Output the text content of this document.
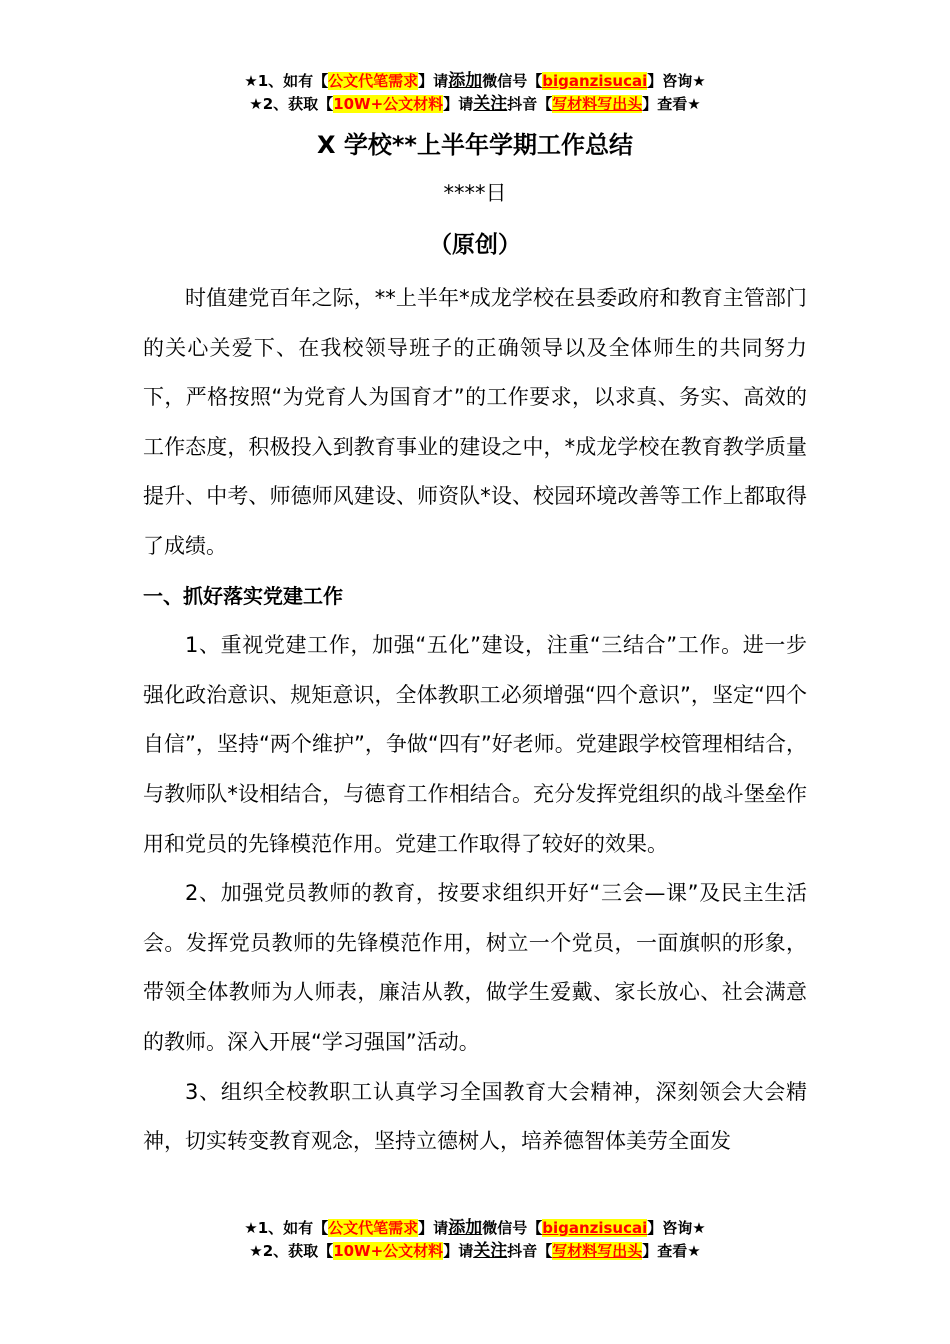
★1、如有【公文代笔需求】请添加微信号【biganzisucai】咨询★
★2、获取【10W+公文材料】请关注抖音【写材料写出头】查看★
X 学校**上半年学期工作总结
****日
（原创）

时值建党百年之际，**上半年*成龙学校在县委政府和教育主管部门的关心关爱下、在我校领导班子的正确领导以及全体师生的共同努力下，严格按照“为党育人为国育才”的工作要求，以求真、务实、高效的工作态度，积极投入到教育事业的建设之中，*成龙学校在教育教学质量提升、中考、师德师风建设、师资队*设、校园环境改善等工作上都取得了成绩。

一、抓好落实党建工作

1、重视党建工作，加强“五化”建设，注重“三结合”工作。进一步强化政治意识、规矩意识，全体教职工必须增强“四个意识”，坚定“四个自信”，坚持“两个维护”，争做“四有”好老师。党建跟学校管理相结合，与教师队*设相结合，与德育工作相结合。充分发挥党组织的战斗堡垒作用和党员的先锋模范作用。党建工作取得了较好的效果。

2、加强党员教师的教育，按要求组织开好“三会—课”及民主生活会。发挥党员教师的先锋模范作用，树立一个党员，一面旗帜的形象，带领全体教师为人师表，廉洁从教，做学生爱戴、家长放心、社会满意的教师。深入开展“学习强国”活动。

3、组织全校教职工认真学习全国教育大会精神，深刻领会大会精神，切实转变教育观念，坚持立德树人，培养德智体美劳全面发

★1、如有【公文代笔需求】请添加微信号【biganzisucai】咨询★
★2、获取【10W+公文材料】请关注抖音【写材料写出头】查看★
